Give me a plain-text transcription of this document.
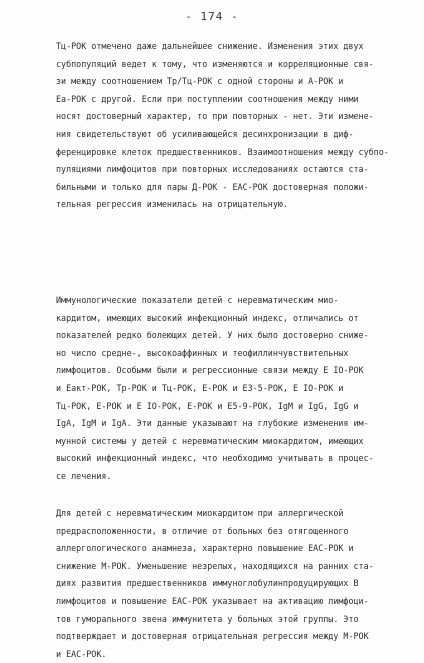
- 174 -
Tц-РОК отмечено даже дальнейшее снижение. Изменения этих двух
субпопуляций ведет к тому, что изменяются и корреляционные свя-
зи между соотношением Tр/Tц-РОК с одной стороны и А-РОК и
Еа-РОК с другой. Если при поступлении соотношения между ними
носят достоверный характер, то при повторных - нет. Эти измене-
ния свидетельствуют об усиливающейся десинхронизации в диф-
ференцировке клеток предшественников. Взаимоотношения между субпо-
пуляциями лимфоцитов при повторных исследованиях остаются ста-
бильными и только для пары Д-РОК - ЕАС-РОК достоверная положи-
тельная регрессия изменилась на отрицательную.
Иммунологические показатели детей с неревматическим мио-
кардитом, имеющих высокий инфекционный индекс, отличались от
показателей редко болеющих детей. У них было достоверно сниже-
но число средне-, высокоаффинных и теофиллинчувствительных
лимфоцитов. Особыми были и регрессионные связи между Е IO-РОК
и Еакт-РОК, Тр-РОК и Тц-РОК, Е-РОК и Е3-5-РОК, Е IO-РОК и
Тц-РОК, Е-РОК и Е IO-РОК, Е-РОК и Е5-9-РОК, IgM и IgG, IgG и
IgA, IgM и IgA. Эти данные указывают на глубокие изменения им-
мунной системы у детей с неревматическим миокардитом, имеющих
высокий инфекционный индекс, что необходимо учитывать в процес-
се лечения.
Для детей с неревматическим миокардитом при аллергической
предрасположенности, в отличие от больных без отягощенного
аллергологического анамнеза, характерно повышение ЕАС-РОК и
снижение М-РОК. Уменьшение незрелых, находящихся на ранних ста-
диях развития предшественников иммуноглобулинпродуцирующих В
лимфоцитов и повышение ЕАС-РОК указывает на активацию лимфоци-
тов гуморального звена иммунитета у больных этой группы. Это
подтверждает и достоверная отрицательная регрессия между М-РОК
и ЕАС-РОК.
